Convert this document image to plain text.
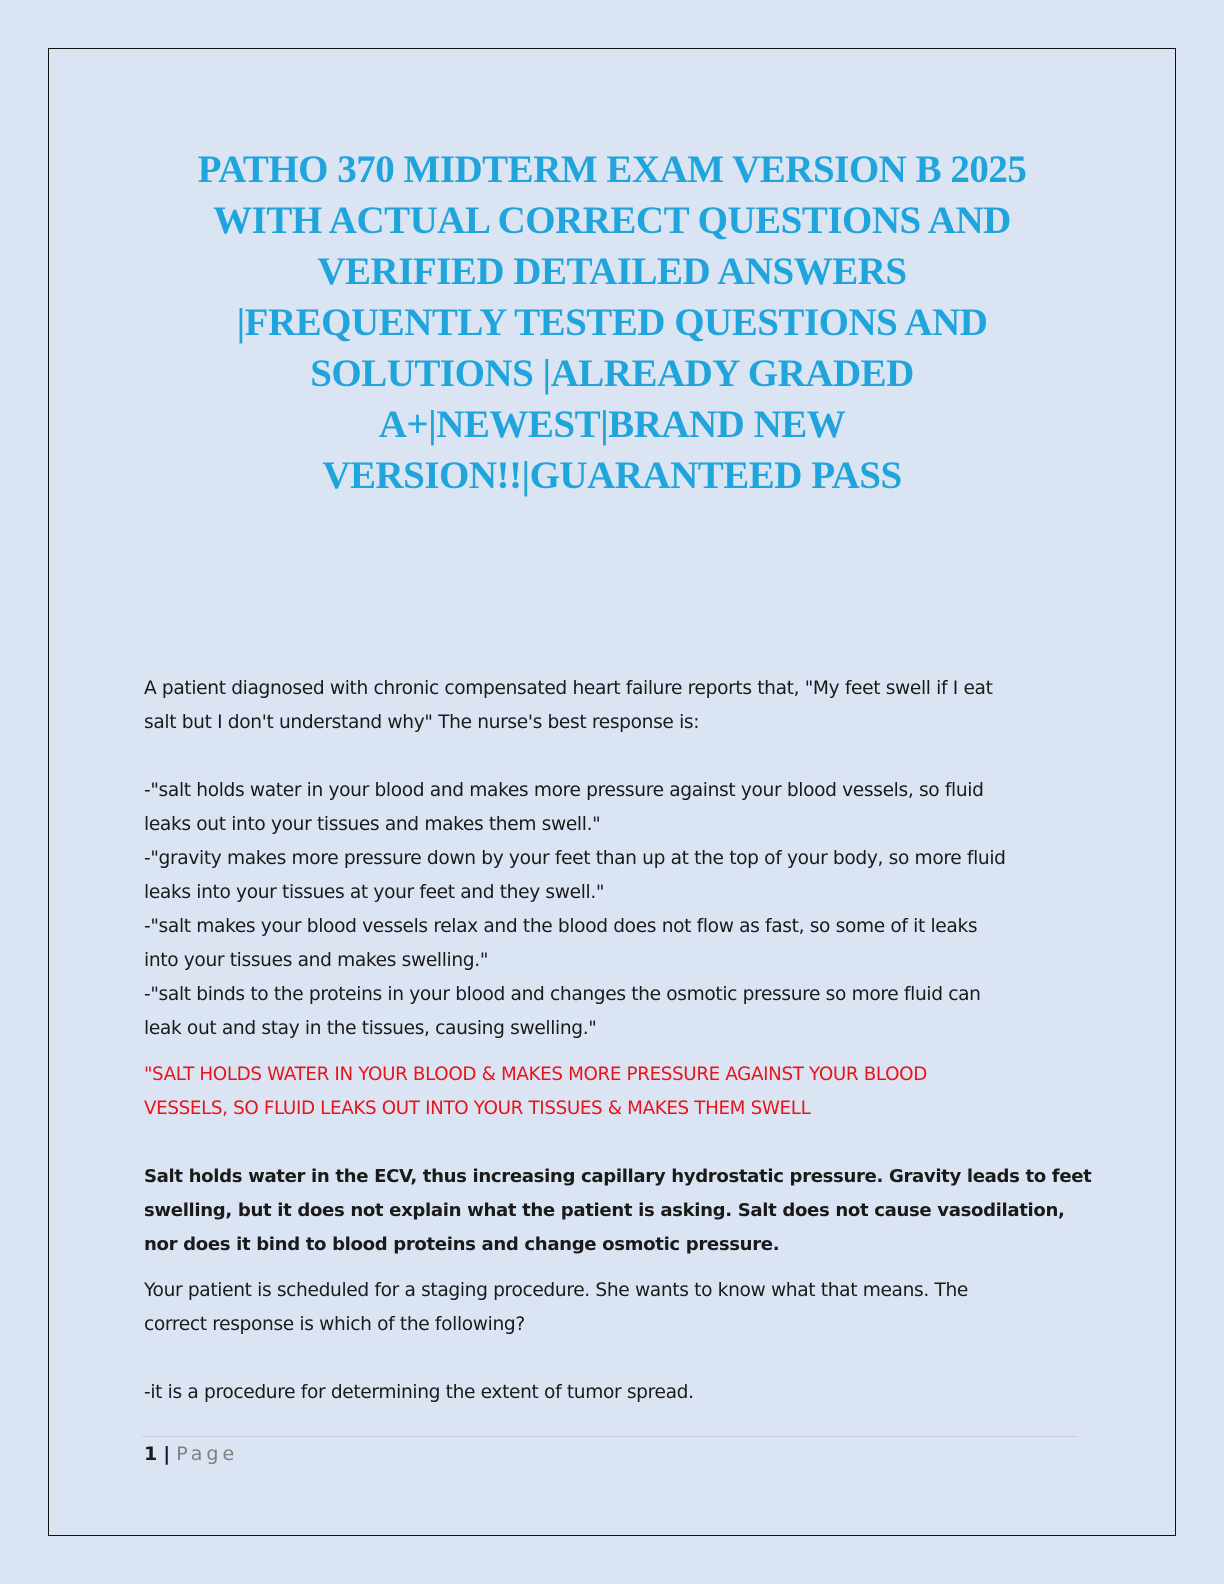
PATHO 370 MIDTERM EXAM VERSION B 2025
WITH ACTUAL CORRECT QUESTIONS AND
VERIFIED DETAILED ANSWERS
|FREQUENTLY TESTED QUESTIONS AND
SOLUTIONS |ALREADY GRADED
A+|NEWEST|BRAND NEW
VERSION!!|GUARANTEED PASS

A patient diagnosed with chronic compensated heart failure reports that, "My feet swell if I eat

salt but I don't understand why" The nurse's best response is:

-"salt holds water in your blood and makes more pressure against your blood vessels, so fluid

leaks out into your tissues and makes them swell."

-"gravity makes more pressure down by your feet than up at the top of your body, so more fluid

leaks into your tissues at your feet and they swell."

-"salt makes your blood vessels relax and the blood does not flow as fast, so some of it leaks

into your tissues and makes swelling."

-"salt binds to the proteins in your blood and changes the osmotic pressure so more fluid can

leak out and stay in the tissues, causing swelling."

"SALT HOLDS WATER IN YOUR BLOOD & MAKES MORE PRESSURE AGAINST YOUR BLOOD

VESSELS, SO FLUID LEAKS OUT INTO YOUR TISSUES & MAKES THEM SWELL

Salt holds water in the ECV, thus increasing capillary hydrostatic pressure. Gravity leads to feet

swelling, but it does not explain what the patient is asking. Salt does not cause vasodilation,

nor does it bind to blood proteins and change osmotic pressure.

Your patient is scheduled for a staging procedure. She wants to know what that means. The

correct response is which of the following?

-it is a procedure for determining the extent of tumor spread.

1 | Page
